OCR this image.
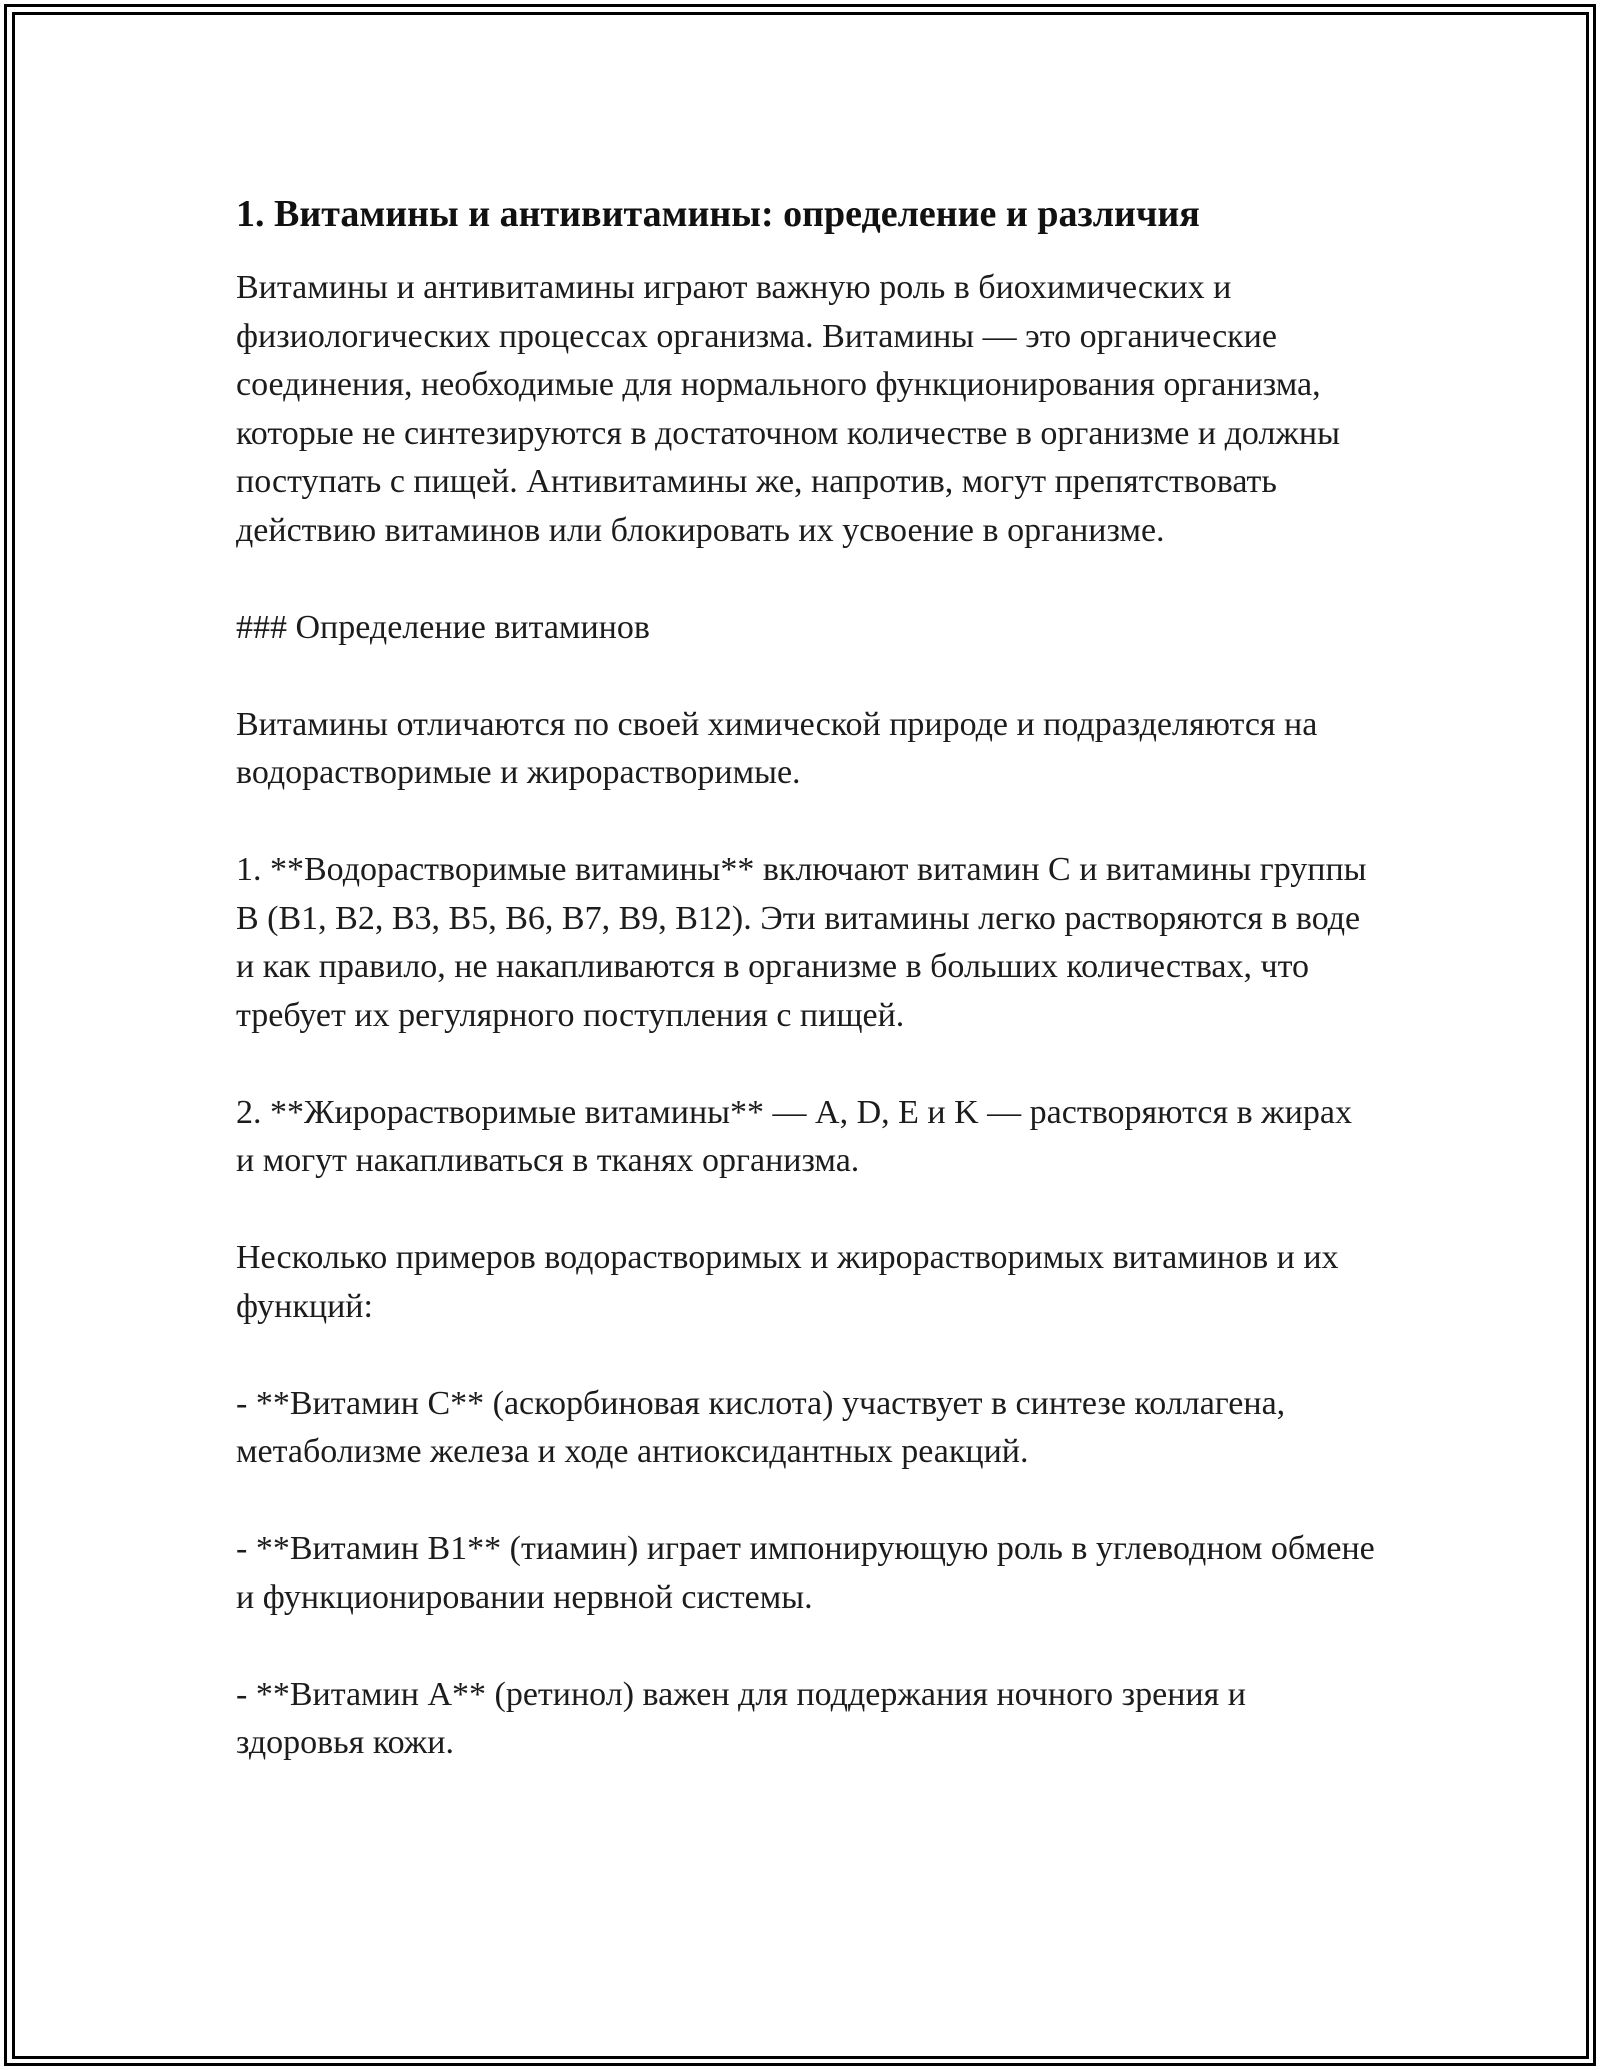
1. Витамины и антивитамины: определение и различия

Витамины и антивитамины играют важную роль в биохимических и физиологических процессах организма. Витамины — это органические соединения, необходимые для нормального функционирования организма, которые не синтезируются в достаточном количестве в организме и должны поступать с пищей. Антивитамины же, напротив, могут препятствовать действию витаминов или блокировать их усвоение в организме.

### Определение витаминов

Витамины отличаются по своей химической природе и подразделяются на водорастворимые и жирорастворимые.

1. **Водорастворимые витамины** включают витамин C и витамины группы B (B1, B2, B3, B5, B6, B7, B9, B12). Эти витамины легко растворяются в воде и как правило, не накапливаются в организме в больших количествах, что требует их регулярного поступления с пищей.

2. **Жирорастворимые витамины** — A, D, E и K — растворяются в жирах и могут накапливаться в тканях организма.

Несколько примеров водорастворимых и жирорастворимых витаминов и их функций:

- **Витамин C** (аскорбиновая кислота) участвует в синтезе коллагена, метаболизме железа и ходе антиоксидантных реакций.

- **Витамин B1** (тиамин) играет импонирующую роль в углеводном обмене и функционировании нервной системы.

- **Витамин A** (ретинол) важен для поддержания ночного зрения и здоровья кожи.
